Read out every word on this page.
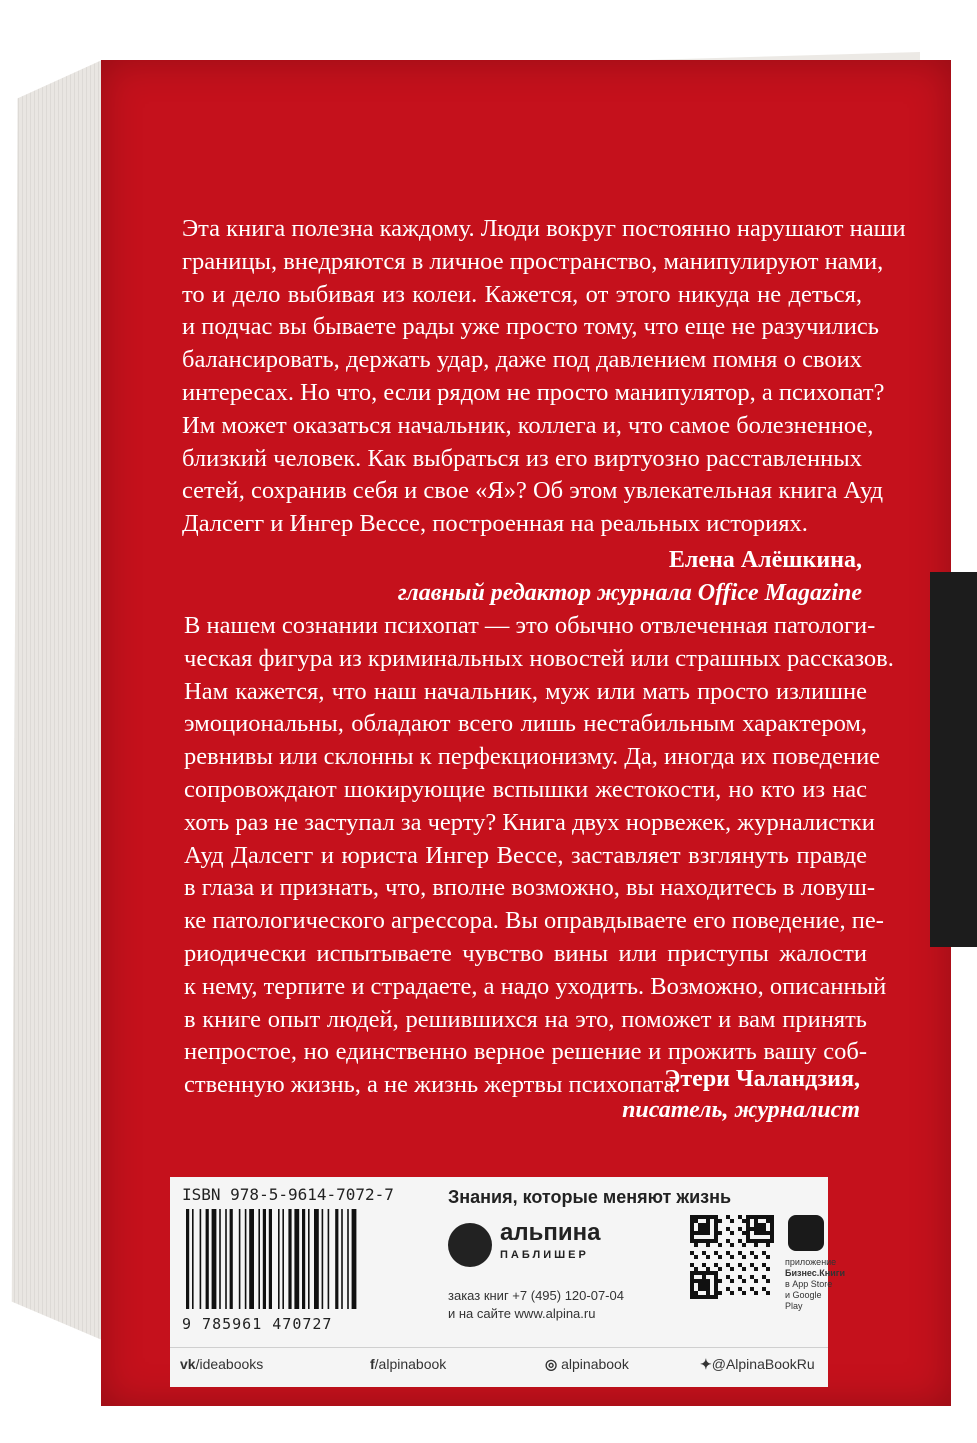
Эта книга полезна каждому. Люди вокруг постоянно нарушают наши
границы, внедряются в личное пространство, манипулируют нами,
то и дело выбивая из колеи. Кажется, от этого никуда не деться,
и подчас вы бываете рады уже просто тому, что еще не разучились
балансировать, держать удар, даже под давлением помня о своих
интересах. Но что, если рядом не просто манипулятор, а психопат?
Им может оказаться начальник, коллега и, что самое болезненное,
близкий человек. Как выбраться из его виртуозно расставленных
сетей, сохранив себя и свое «Я»? Об этом увлекательная книга Ауд
Далсегг и Ингер Вессе, построенная на реальных историях.
Елена Алёшкина,
главный редактор журнала Office Magazine
В нашем сознании психопат — это обычно отвлеченная патологи-
ческая фигура из криминальных новостей или страшных рассказов.
Нам кажется, что наш начальник, муж или мать просто излишне
эмоциональны, обладают всего лишь нестабильным характером,
ревнивы или склонны к перфекционизму. Да, иногда их поведение
сопровождают шокирующие вспышки жестокости, но кто из нас
хоть раз не заступал за черту? Книга двух норвежек, журналистки
Ауд Далсегг и юриста Ингер Вессе, заставляет взглянуть правде
в глаза и признать, что, вполне возможно, вы находитесь в ловуш-
ке патологического агрессора. Вы оправдываете его поведение, пе-
риодически испытываете чувство вины или приступы жалости
к нему, терпите и страдаете, а надо уходить. Возможно, описанный
в книге опыт людей, решившихся на это, поможет и вам принять
непростое, но единственно верное решение и прожить вашу соб-
ственную жизнь, а не жизнь жертвы психопата.
Этери Чаландзия,
писатель, журналист
ISBN 978-5-9614-7072-7
9 785961 470727
Знания, которые меняют жизнь
альпина
ПАБЛИШЕР
заказ книг +7 (495) 120-07-04
и на сайте www.alpina.ru
приложение
Бизнес.Книги
в App Store
и Google Play
vk/ideabooks	f/alpinabook	◎ alpinabook	✦@AlpinaBookRu
